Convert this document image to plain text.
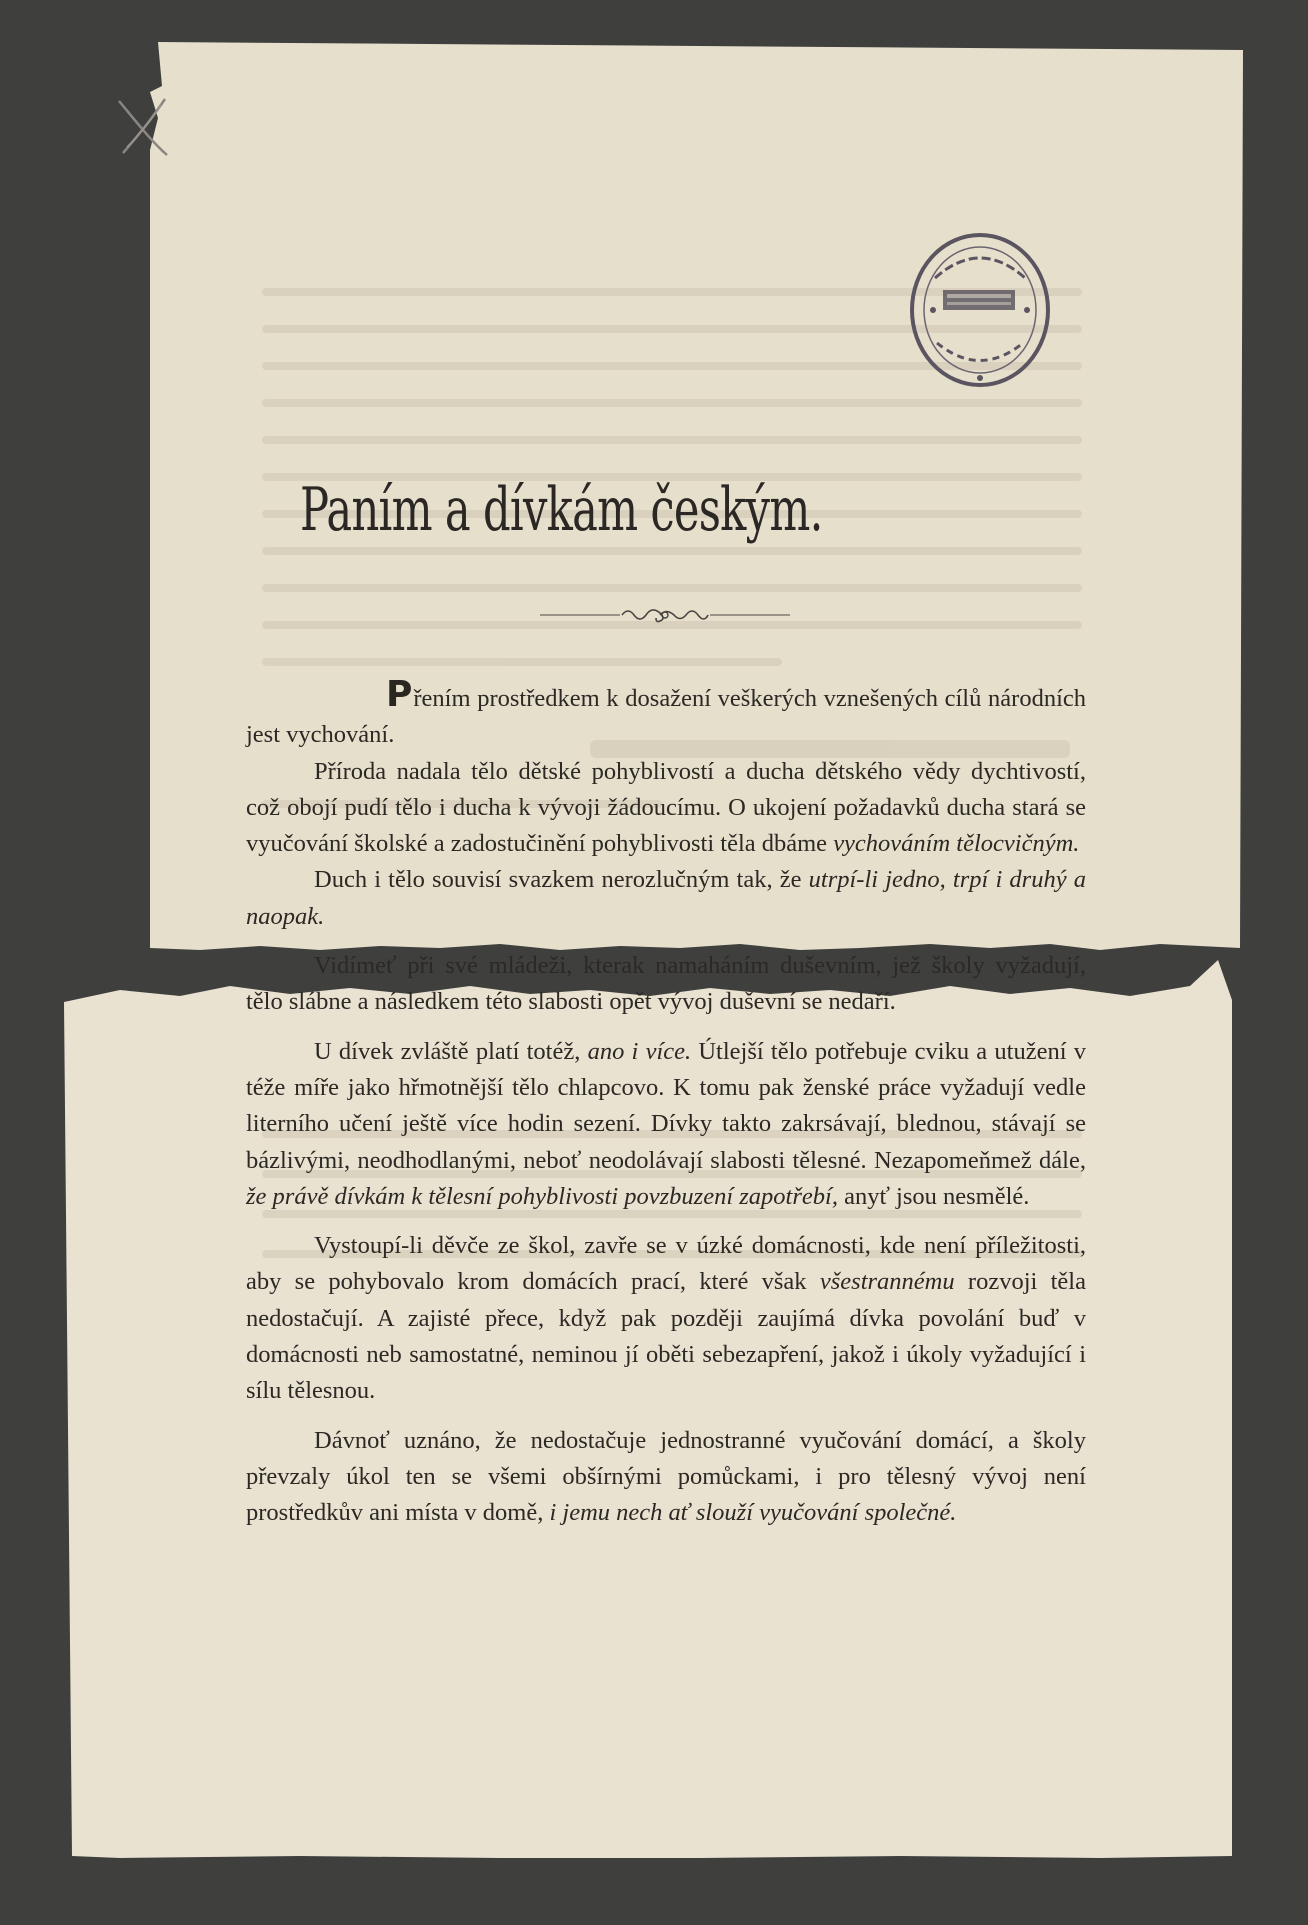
Paním a dívkám českým.

Přením prostředkem k dosažení veškerých vznešených cílů národních jest vychování.

Příroda nadala tělo dětské pohyblivostí a ducha dětského vědy dychtivostí, což obojí pudí tělo i ducha k vývoji žádoucímu. O ukojení požadavků ducha stará se vyučování školské a zadostučinění pohyblivosti těla dbáme vychováním tělocvičným.

Duch i tělo souvisí svazkem nerozlučným tak, že utrpí-li jedno, trpí i druhý a naopak.

Vidímeť při své mládeži, kterak namaháním duševním, jež školy vyžadují, tělo slábne a následkem této slabosti opět vývoj duševní se nedaří.

U dívek zvláště platí totéž, ano i více. Útlejší tělo potřebuje cviku a utužení v téže míře jako hřmotnější tělo chlapcovo. K tomu pak ženské práce vyžadují vedle literního učení ještě více hodin sezení. Dívky takto zakrsávají, blednou, stávají se bázlivými, neodhodlanými, neboť neodolávají slabosti tělesné. Nezapomeňmež dále, že právě dívkám k tělesní pohyblivosti povzbuzení zapotřebí, anyť jsou nesmělé.

Vystoupí-li děvče ze škol, zavře se v úzké domácnosti, kde není příležitosti, aby se pohybovalo krom domácích prací, které však všestrannému rozvoji těla nedostačují. A zajisté přece, když pak později zaujímá dívka povolání buď v domácnosti neb samostatné, neminou jí oběti sebezapření, jakož i úkoly vyžadující i sílu tělesnou.

Dávnoť uznáno, že nedostačuje jednostranné vyučování domácí, a školy převzaly úkol ten se všemi obšírnými pomůckami, i pro tělesný vývoj není prostředkův ani místa v domě, i jemu nech ať slouží vyučování společné.
